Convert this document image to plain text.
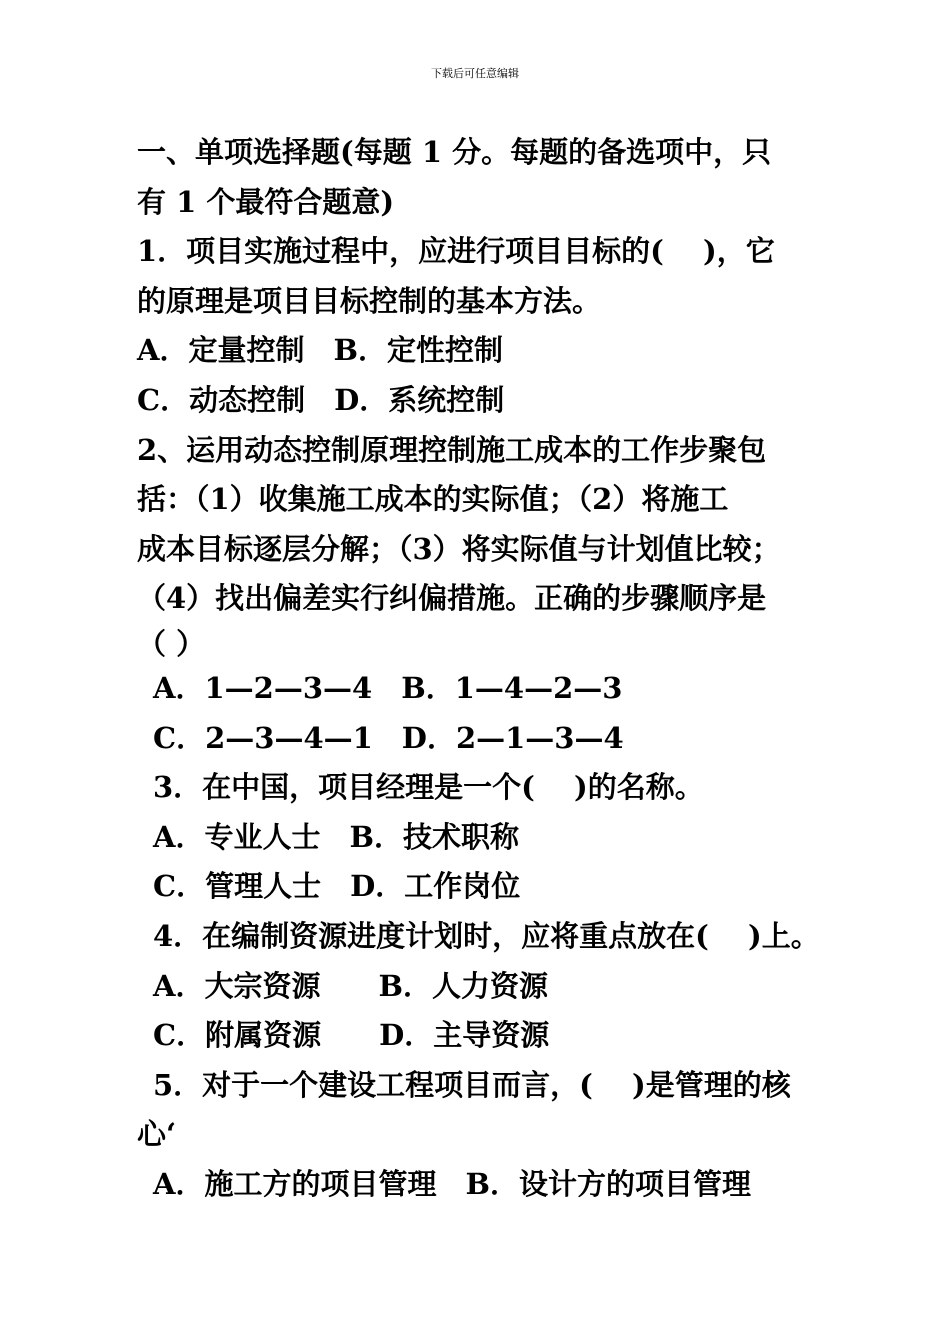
下载后可任意编辑
一、单项选择题(每题 1 分。每题的备选项中，只
有 1 个最符合题意)
1．项目实施过程中，应进行项目目标的(　 )，它
的原理是项目目标控制的基本方法。
A．定量控制　B．定性控制
C．动态控制　D．系统控制
2、运用动态控制原理控制施工成本的工作步聚包
括：（1）收集施工成本的实际值；（2）将施工
成本目标逐层分解；（3）将实际值与计划值比较；
（4）找出偏差实行纠偏措施。正确的步骤顺序是
（ ）
A．1—2—3—4　B．1—4—2—3
C．2—3—4—1　D．2—1—3—4
3．在中国，项目经理是一个(　 )的名称。
A．专业人士　B．技术职称
C．管理人士　D．工作岗位
4．在编制资源进度计划时，应将重点放在(　 )上。
A．大宗资源　　B．人力资源
C．附属资源　　D．主导资源
5．对于一个建设工程项目而言，(　 )是管理的核
心‘
A．施工方的项目管理　B．设计方的项目管理
